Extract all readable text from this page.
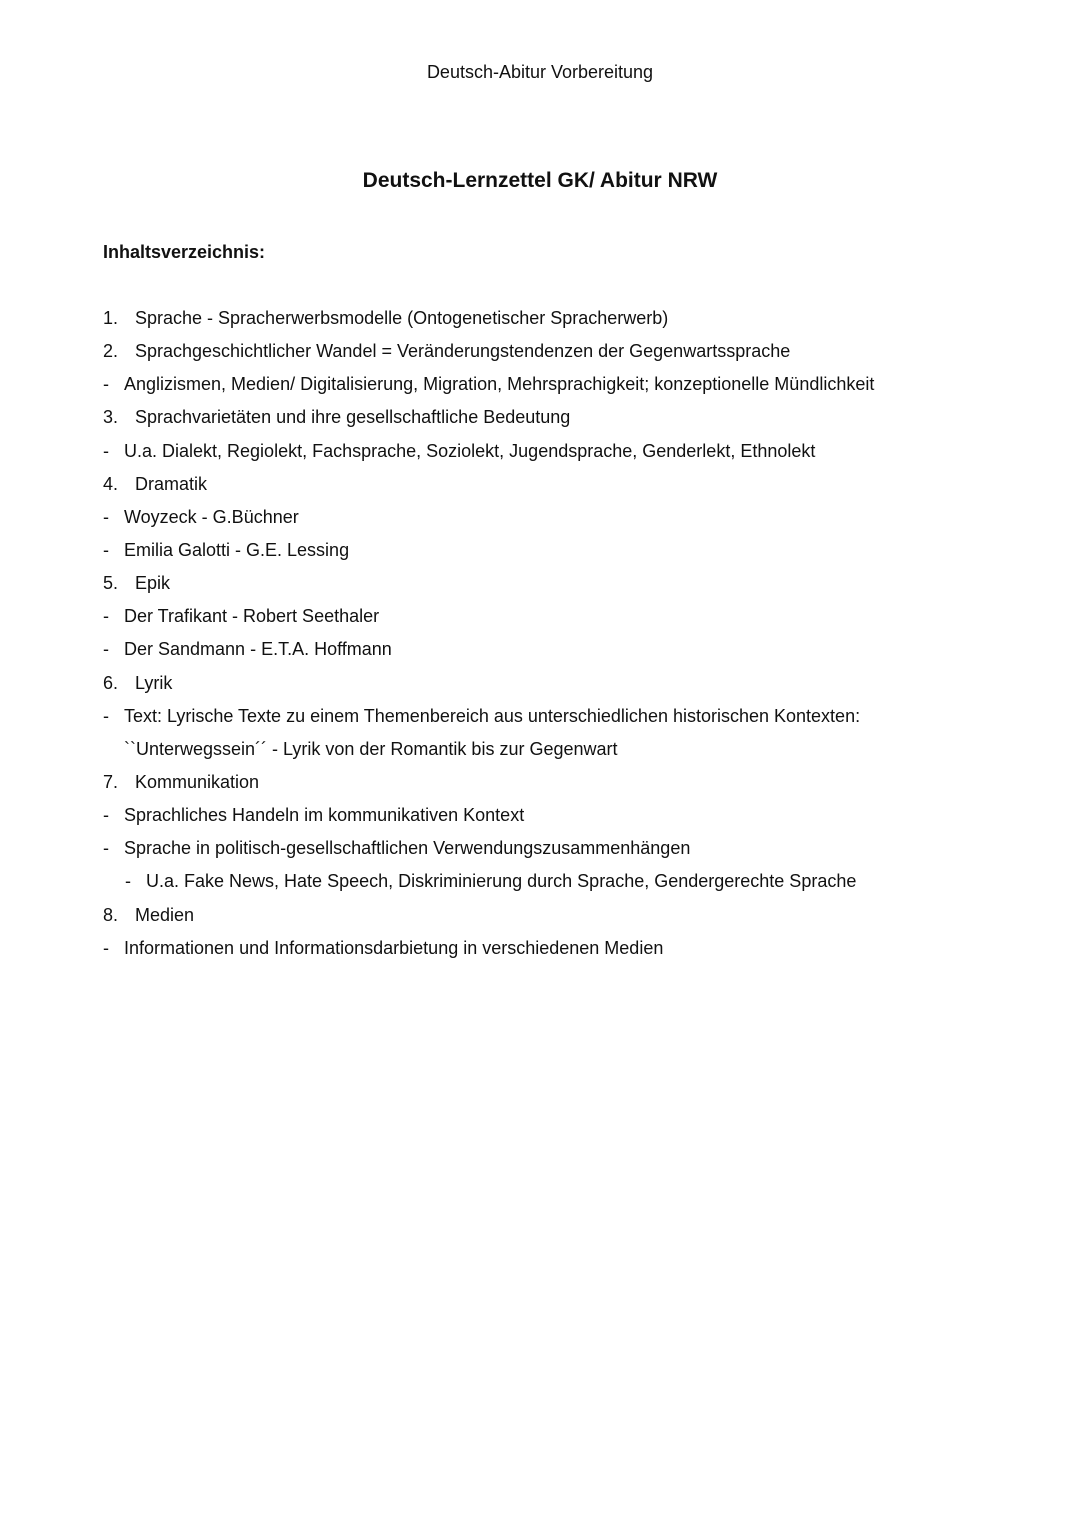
Deutsch-Abitur Vorbereitung
Deutsch-Lernzettel GK/ Abitur NRW
Inhaltsverzeichnis:
1. Sprache - Spracherwerbsmodelle (Ontogenetischer Spracherwerb)
2. Sprachgeschichtlicher Wandel = Veränderungstendenzen der Gegenwartssprache
- Anglizismen, Medien/ Digitalisierung, Migration, Mehrsprachigkeit; konzeptionelle Mündlichkeit
3. Sprachvarietäten und ihre gesellschaftliche Bedeutung
- U.a. Dialekt, Regiolekt, Fachsprache, Soziolekt, Jugendsprache, Genderlekt, Ethnolekt
4. Dramatik
- Woyzeck - G.Büchner
- Emilia Galotti - G.E. Lessing
5. Epik
- Der Trafikant - Robert Seethaler
- Der Sandmann - E.T.A. Hoffmann
6. Lyrik
- Text: Lyrische Texte zu einem Themenbereich aus unterschiedlichen historischen Kontexten:
``Unterwegssein´´ - Lyrik von der Romantik bis zur Gegenwart
7. Kommunikation
- Sprachliches Handeln im kommunikativen Kontext
- Sprache in politisch-gesellschaftlichen Verwendungszusammenhängen
- U.a. Fake News, Hate Speech, Diskriminierung durch Sprache, Gendergerechte Sprache
8. Medien
- Informationen und Informationsdarbietung in verschiedenen Medien
